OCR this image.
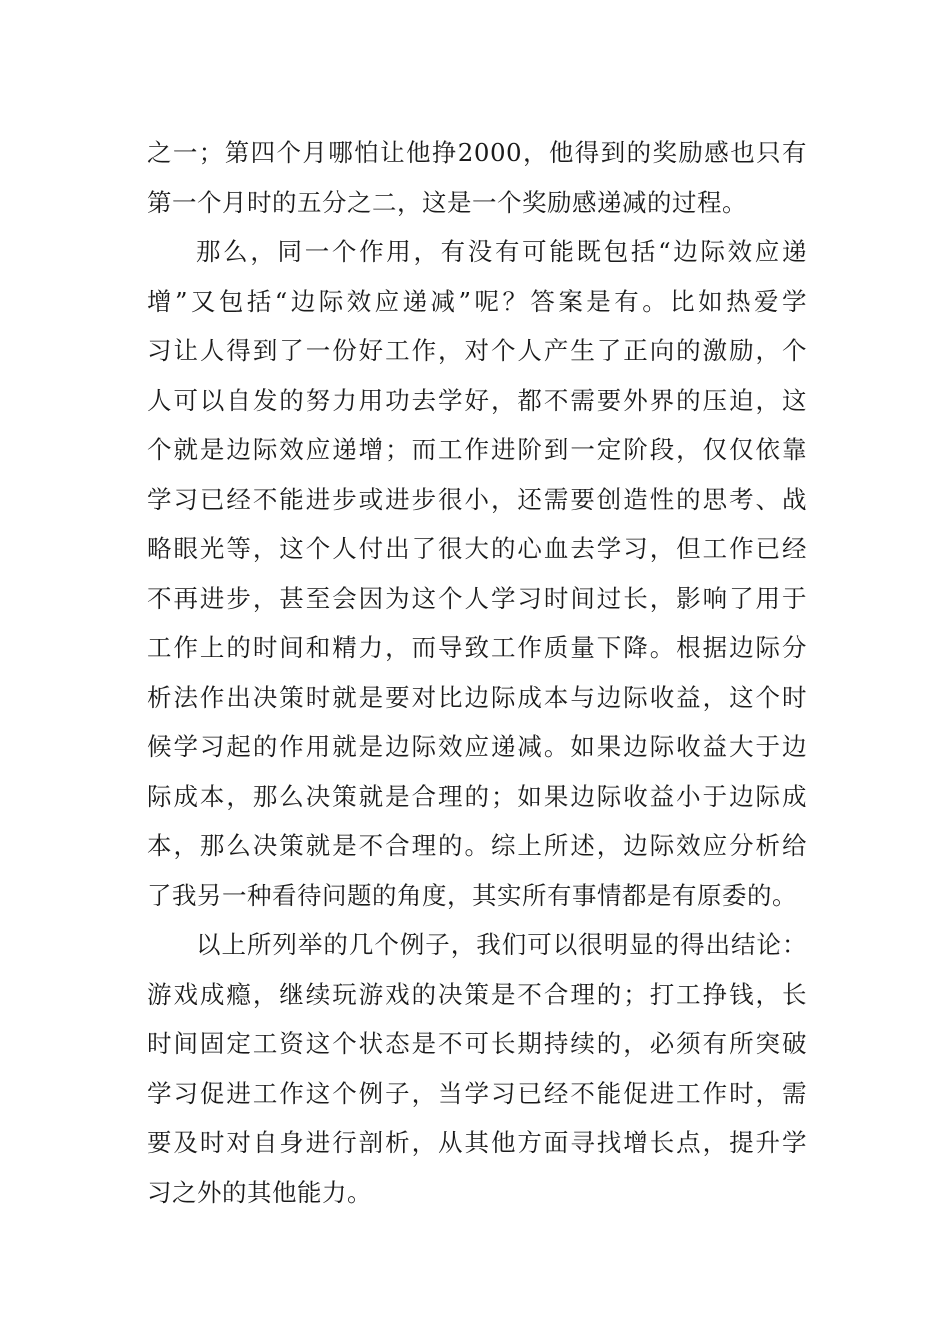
之一；第四个月哪怕让他挣2000，他得到的奖励感也只有
第一个月时的五分之二，这是一个奖励感递减的过程。
那么，同一个作用，有没有可能既包括“边际效应递
增”又包括“边际效应递减”呢？答案是有。比如热爱学
习让人得到了一份好工作，对个人产生了正向的激励，个
人可以自发的努力用功去学好，都不需要外界的压迫，这
个就是边际效应递增；而工作进阶到一定阶段，仅仅依靠
学习已经不能进步或进步很小，还需要创造性的思考、战
略眼光等，这个人付出了很大的心血去学习，但工作已经
不再进步，甚至会因为这个人学习时间过长，影响了用于
工作上的时间和精力，而导致工作质量下降。根据边际分
析法作出决策时就是要对比边际成本与边际收益，这个时
候学习起的作用就是边际效应递减。如果边际收益大于边
际成本，那么决策就是合理的；如果边际收益小于边际成
本，那么决策就是不合理的。综上所述，边际效应分析给
了我另一种看待问题的角度，其实所有事情都是有原委的。
以上所列举的几个例子，我们可以很明显的得出结论：
游戏成瘾，继续玩游戏的决策是不合理的；打工挣钱，长
时间固定工资这个状态是不可长期持续的，必须有所突破
学习促进工作这个例子，当学习已经不能促进工作时，需
要及时对自身进行剖析，从其他方面寻找增长点，提升学
习之外的其他能力。
